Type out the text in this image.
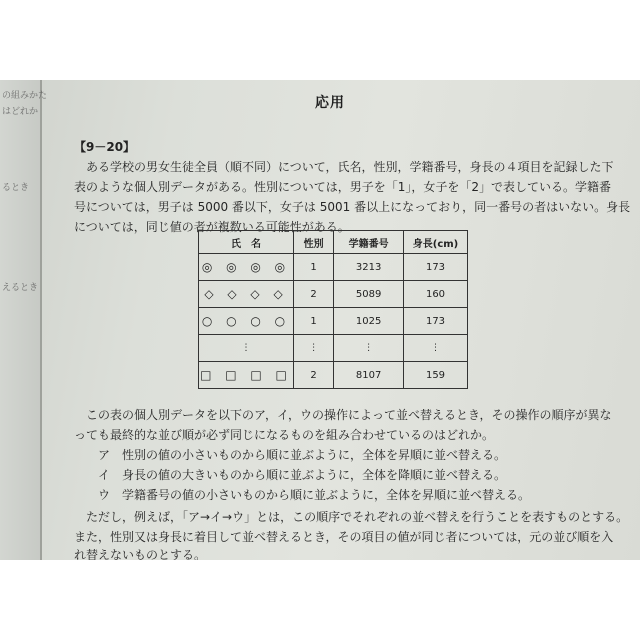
の組みかた
はどれか
るとき
えるとき
応用
【9－20】
ある学校の男女生徒全員（順不同）について，氏名，性別，学籍番号，身長の４項目を記録した下
表のような個人別データがある。性別については，男子を「1」，女子を「2」で表している。学籍番
号については，男子は 5000 番以下，女子は 5001 番以上になっており，同一番号の者はいない。身長
については，同じ値の者が複数いる可能性がある。
氏　名	性別	学籍番号	身長(cm)
◎ ◎ ◎ ◎	1	3213	173
◇ ◇ ◇ ◇	2	5089	160
○ ○ ○ ○	1	1025	173

⋮	⋮	⋮	⋮

□ □ □ □	2	8107	159
この表の個人別データを以下のア，イ，ウの操作によって並べ替えるとき，その操作の順序が異な
っても最終的な並び順が必ず同じになるものを組み合わせているのはどれか。
ア　性別の値の小さいものから順に並ぶように，全体を昇順に並べ替える。
イ　身長の値の大きいものから順に並ぶように，全体を降順に並べ替える。
ウ　学籍番号の値の小さいものから順に並ぶように，全体を昇順に並べ替える。
ただし，例えば，「ア→イ→ウ」とは，この順序でそれぞれの並べ替えを行うことを表すものとする。
また，性別又は身長に着目して並べ替えるとき，その項目の値が同じ者については，元の並び順を入
れ替えないものとする。
